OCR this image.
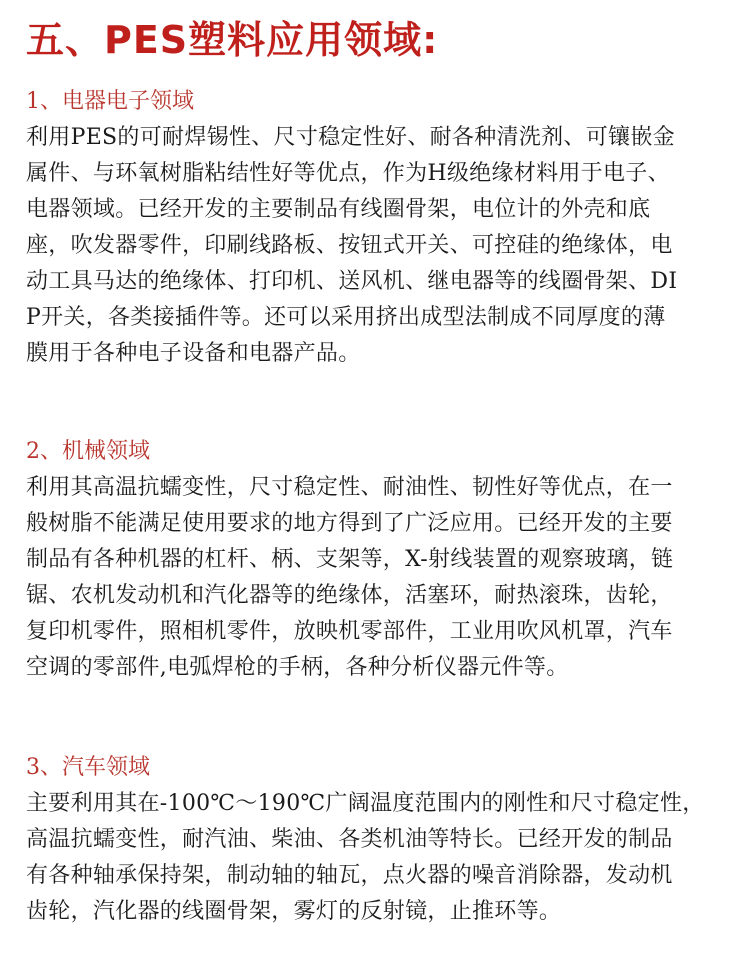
五、PES塑料应用领域:
1、电器电子领域
利用PES的可耐焊锡性、尺寸稳定性好、耐各种清洗剂、可镶嵌金
属件、与环氧树脂粘结性好等优点，作为H级绝缘材料用于电子、
电器领域。已经开发的主要制品有线圈骨架，电位计的外壳和底
座，吹发器零件，印刷线路板、按钮式开关、可控硅的绝缘体，电
动工具马达的绝缘体、打印机、送风机、继电器等的线圈骨架、DI
P开关，各类接插件等。还可以采用挤出成型法制成不同厚度的薄
膜用于各种电子设备和电器产品。
2、机械领域
利用其高温抗蠕变性，尺寸稳定性、耐油性、韧性好等优点，在一
般树脂不能满足使用要求的地方得到了广泛应用。已经开发的主要
制品有各种机器的杠杆、柄、支架等，X-射线装置的观察玻璃，链
锯、农机发动机和汽化器等的绝缘体，活塞环，耐热滚珠，齿轮，
复印机零件，照相机零件，放映机零部件，工业用吹风机罩，汽车
空调的零部件,电弧焊枪的手柄，各种分析仪器元件等。
3、汽车领域
主要利用其在-100℃～190℃广阔温度范围内的刚性和尺寸稳定性，
高温抗蠕变性，耐汽油、柴油、各类机油等特长。已经开发的制品
有各种轴承保持架，制动轴的轴瓦，点火器的噪音消除器，发动机
齿轮，汽化器的线圈骨架，雾灯的反射镜，止推环等。
